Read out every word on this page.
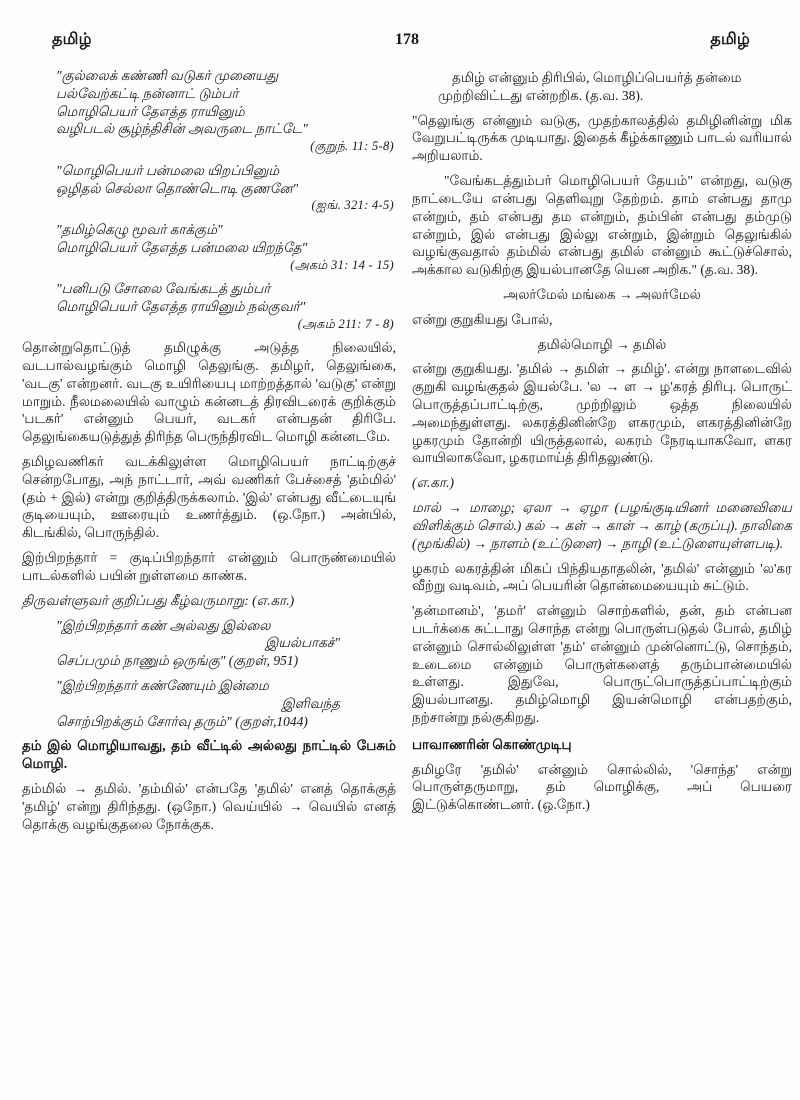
தமிழ்	178	தமிழ்
"குல்லைக் கண்ணி வடுகர் முனையது
பல்வேற்கட்டி நன்னாட் டும்பர்
மொழிபெயர் தேஎத்த ராயினும்
வழிபடல் சூழ்ந்திசின் அவருடை நாட்டே"
(குறுந். 11: 5-8)
"மொழிபெயர் பன்மலை யிறப்பினும்
ஒழிதல் செல்லா தொண்டொடி குணனே"
(ஐங். 321: 4-5)
"தமிழ்கெழு மூவர் காக்கும்"
மொழிபெயர் தேஎத்த பன்மலை யிறந்தே"
(அகம் 31: 14 - 15)
"பனிபடு சோலை வேங்கடத் தும்பர்
மொழிபெயர் தேஎத்த ராயினும் நல்குவர்"
(அகம் 211: 7 - 8)
தொன்றுதொட்டுத் தமிழுக்கு அடுத்த நிலையில், வடபால்வழங்கும் மொழி தெலுங்கு. தமிழர், தெலுங்கை, 'வடகு' என்றனர். வடகு உயிரியைபு மாற்றத்தால் 'வடுகு' என்று மாறும். நீலமலையில் வாழும் கன்னடத் திரவிடரைக் குறிக்கும் 'படகர்' என்னும் பெயர், வடகர் என்பதன் திரிபே. தெலுங்கையடுத்துத் திரிந்த பெருந்திரவிட மொழி கன்னடமே.
தமிழவணிகர் வடக்கிலுள்ள மொழிபெயர் நாட்டிற்குச் சென்றபோது, அந் நாட்டார், அவ் வணிகர் பேச்சைத் 'தம்மில்' (தம் + இல்) என்று குறித்திருக்கலாம். 'இல்' என்பது வீட்டையுங் குடியையும், ஊரையும் உணர்த்தும். (ஒ.நோ.) அன்பில், கிடங்கில், பொருந்தில்.
இற்பிறந்தார் = குடிப்பிறந்தார் என்னும் பொருண்மையில் பாடல்களில் பயின் றுள்ளமை காண்க.
திருவள்ளுவர் குறிப்பது கீழ்வருமாறு: (எ.கா.)
"இற்பிறந்தார் கண் அல்லது இல்லை
இயல்பாகச்"
செப்பமும் நாணும் ஒருங்கு" (குறள், 951)
"இற்பிறந்தார் கண்ணேயும் இன்மை
இளிவந்த
சொற்பிறக்கும் சோர்வு தரும்" (குறள்,1044)
தம் இல் மொழியாவது, தம் வீட்டில் அல்லது நாட்டில் பேசும் மொழி.
தம்மில் → தமில். 'தம்மில்' என்பதே 'தமில்' எனத் தொக்குத் 'தமிழ்' என்று திரிந்தது. (ஒநோ.) வெய்யில் → வெயில் எனத் தொக்கு வழங்குதலை நோக்குக.
தமிழ் என்னும் திரிபில், மொழிப்பெயர்த் தன்மை முற்றிவிட்டது என்றறிக. (த.வ. 38).
"தெலுங்கு என்னும் வடுகு, முதற்காலத்தில் தமிழினின்று மிக வேறுபட்டிருக்க முடியாது. இதைக் கீழ்க்காணும் பாடல் வரியால் அறியலாம்.
"வேங்கடத்தும்பர் மொழிபெயர் தேயம்" என்றது, வடுகு நாட்டையே என்பது தெளிவுறு தேற்றம். தாம் என்பது தாமு என்றும், தம் என்பது தம என்றும், தம்பின் என்பது தம்முடு என்றும், இல் என்பது இல்லு என்றும், இன்றும் தெலுங்கில் வழங்குவதால் தம்மில் என்பது தமில் என்னும் கூட்டுச்சொல், அக்கால வடுகிற்கு இயல்பானதே யென அறிக." (த.வ. 38).
அலர்மேல் மங்கை → அலர்மேல்
என்று குறுகியது போல்,
தமில்மொழி → தமில்
என்று குறுகியது. 'தமில் → தமிள் → தமிழ்'. என்று நாளடைவில் குறுகி வழங்குதல் இயல்பே. 'ல → ள → ழ'கரத் திரிபு. பொருட் பொருத்தப்பாட்டிற்கு, முற்றிலும் ஒத்த நிலையில் அமைந்துள்ளது. லகரத்தினின்றே ளகரமும், ளகரத்தினின்றே ழகரமும் தோன்றி யிருத்தலால், லகரம் நேரடியாகவோ, ளகர வாயிலாகவோ, ழகரமாய்த் திரிதலுண்டு.
(எ.கா.)
மால் → மாழை; ஏலா → ஏழா (பழங்குடியினர் மனைவியை விளிக்கும் சொல்.) கல் → கள் → காள் → காழ் (கருப்பு). நாலிகை (மூங்கில்) → நாளம் (உட்டுளை) → நாழி (உட்டுளையுள்ளபடி).
ழகரம் லகரத்தின் மிகப் பிந்தியதாதலின், 'தமில்' என்னும் 'ல'கர வீற்று வடிவம், அப் பெயரின் தொன்மையையும் சுட்டும்.
'தன்மானம்', 'தமர்' என்னும் சொற்களில், தன், தம் என்பன படர்க்கை சுட்டாது சொந்த என்று பொருள்படுதல் போல், தமிழ் என்னும் சொல்லிலுள்ள 'தம்' என்னும் முன்னொட்டு, சொந்தம், உடைமை என்னும் பொருள்களைத் தரும்பான்மையில் உள்ளது. இதுவே, பொருட்பொருத்தப்பாட்டிற்கும் இயல்பானது. தமிழ்மொழி இயன்மொழி என்பதற்கும், நற்சான்று நல்குகிறது.
பாவாணரின் கொண்முடிபு
தமிழரே 'தமில்' என்னும் சொல்லில், 'சொந்த' என்று பொருள்தருமாறு, தம் மொழிக்கு, அப் பெயரை இட்டுக்கொண்டனர். (ஒ.நோ.)
